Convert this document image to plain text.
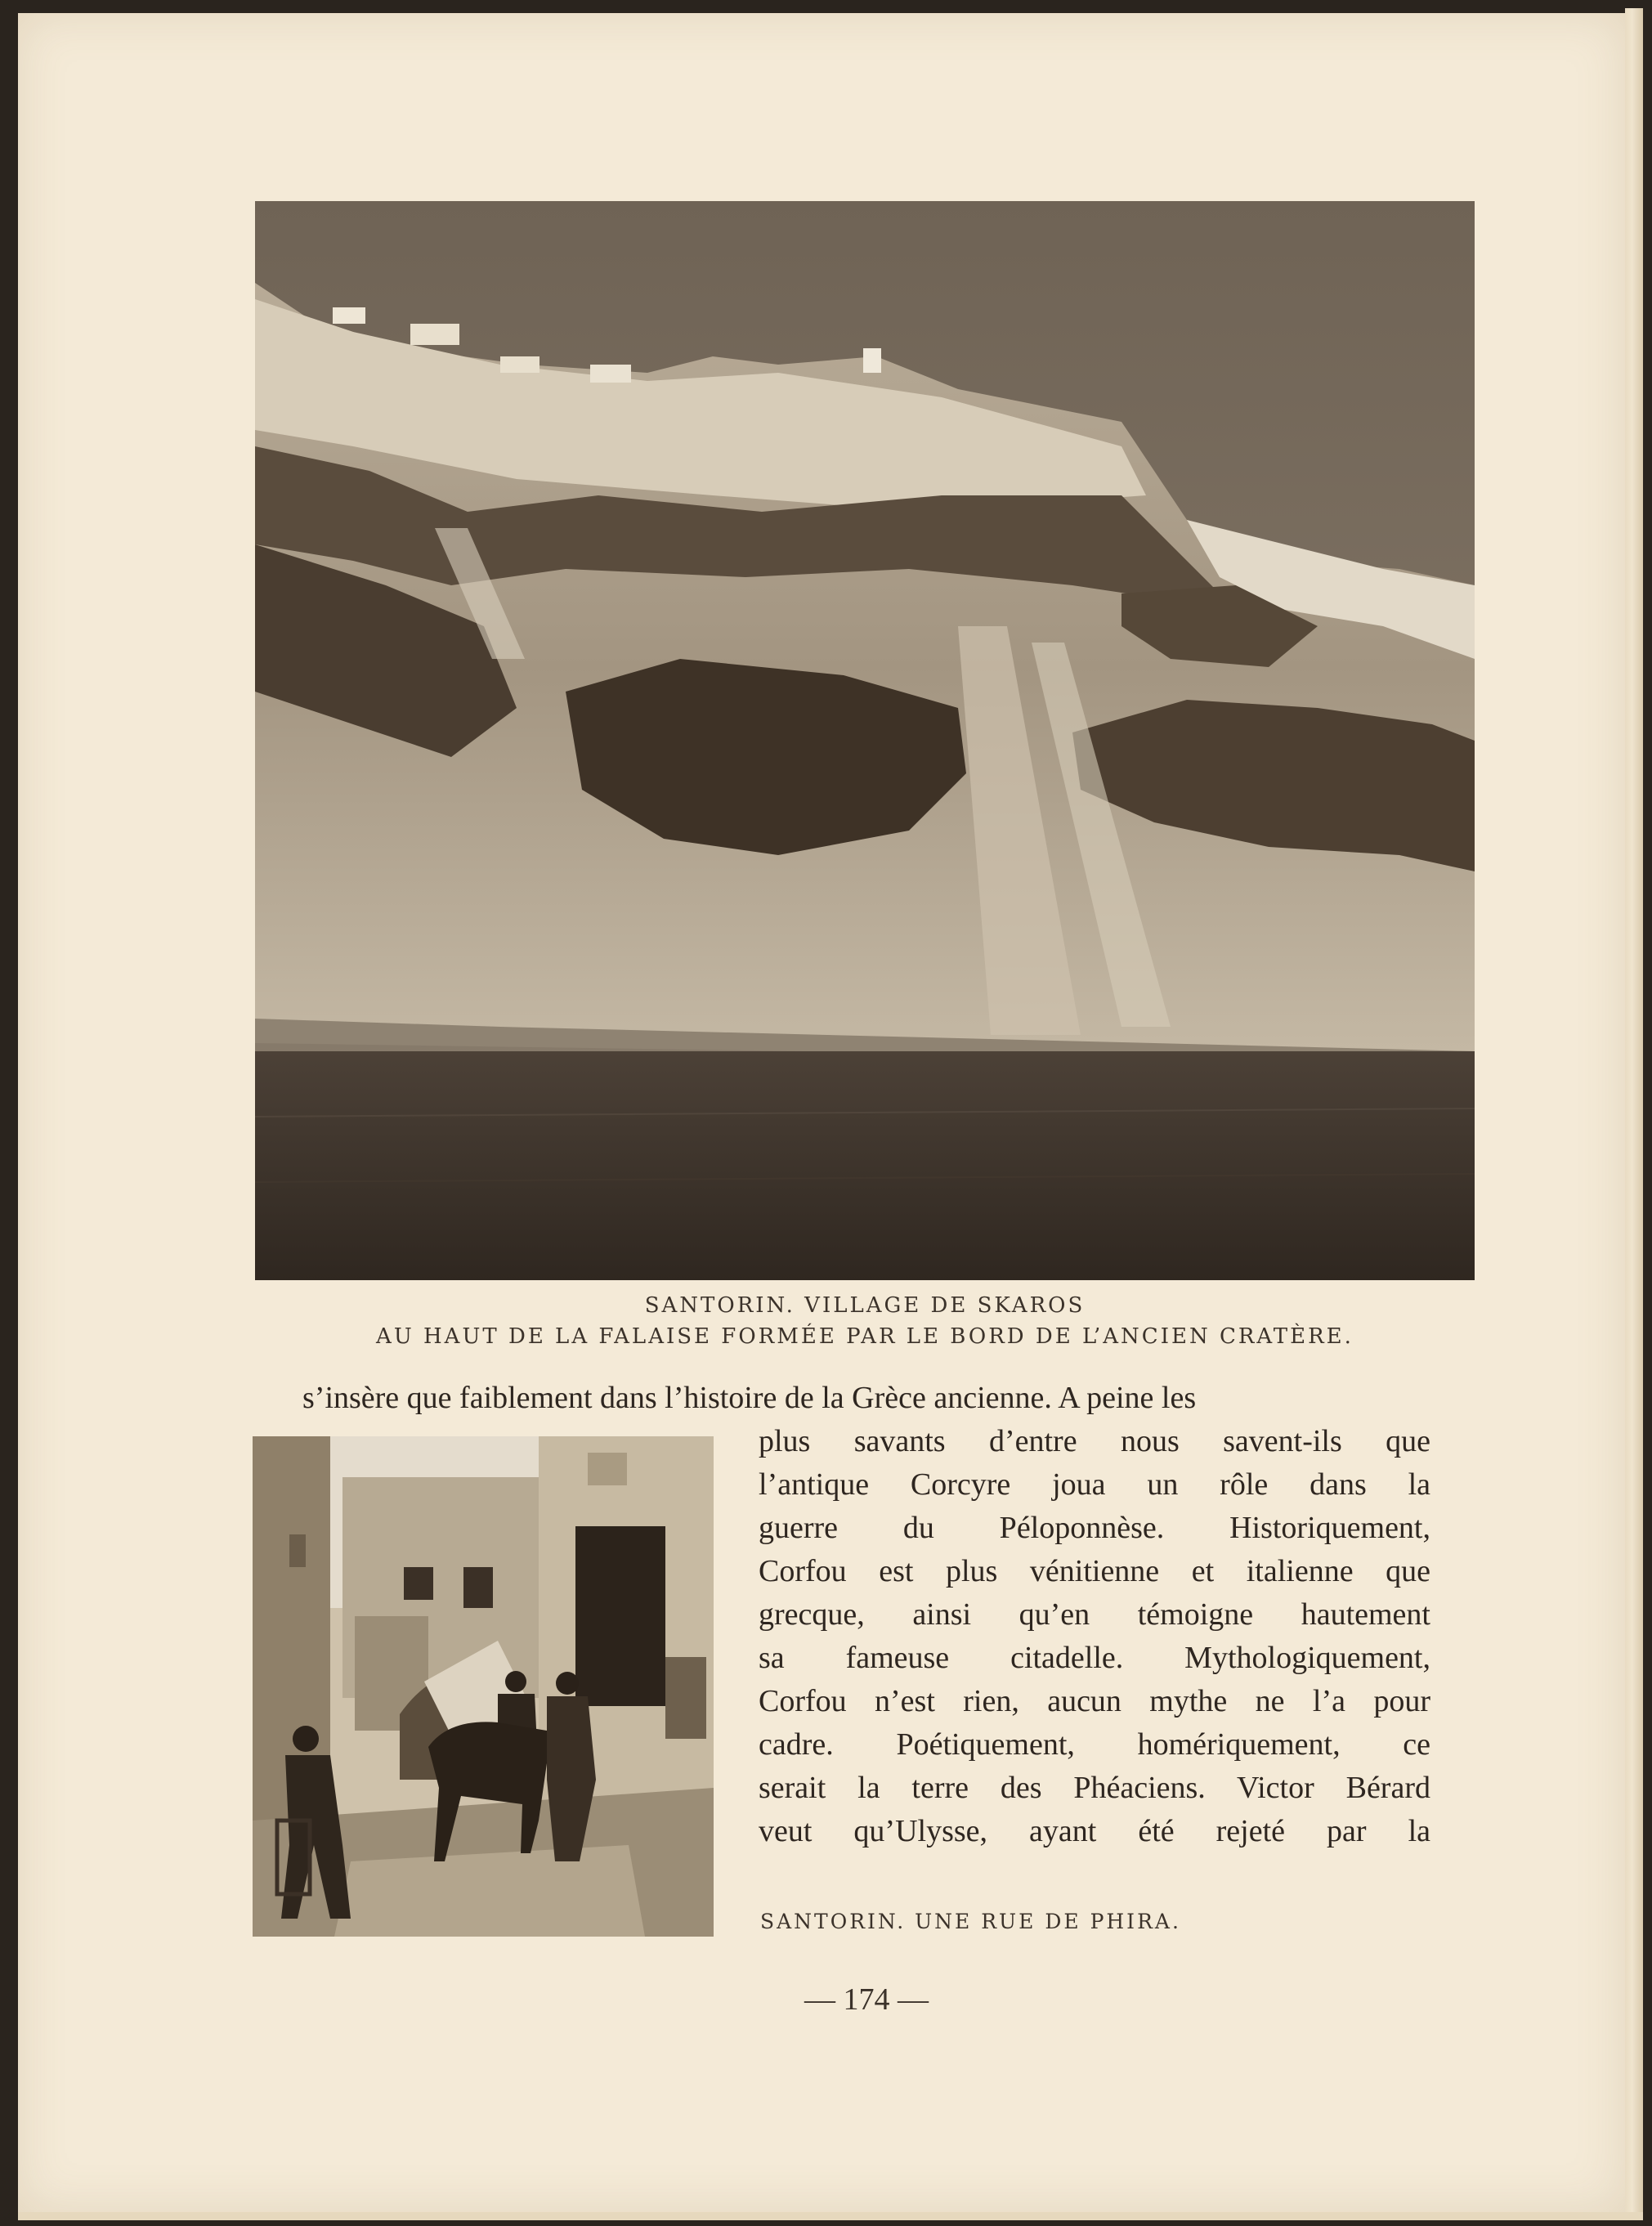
SANTORIN. VILLAGE DE SKAROS
AU HAUT DE LA FALAISE FORMÉE PAR LE BORD DE L’ANCIEN CRATÈRE.
s’insère que faiblement dans l’histoire de la Grèce ancienne. A peine les
plus savants d’entre nous savent-ils que
l’antique Corcyre joua un rôle dans la
guerre du Péloponnèse. Historiquement,
Corfou est plus vénitienne et italienne que
grecque, ainsi qu’en témoigne hautement
sa fameuse citadelle. Mythologiquement,
Corfou n’est rien, aucun mythe ne l’a pour
cadre. Poétiquement, homériquement, ce
serait la terre des Phéaciens. Victor Bérard
veut qu’Ulysse, ayant été rejeté par la
SANTORIN. UNE RUE DE PHIRA.
— 174 —
